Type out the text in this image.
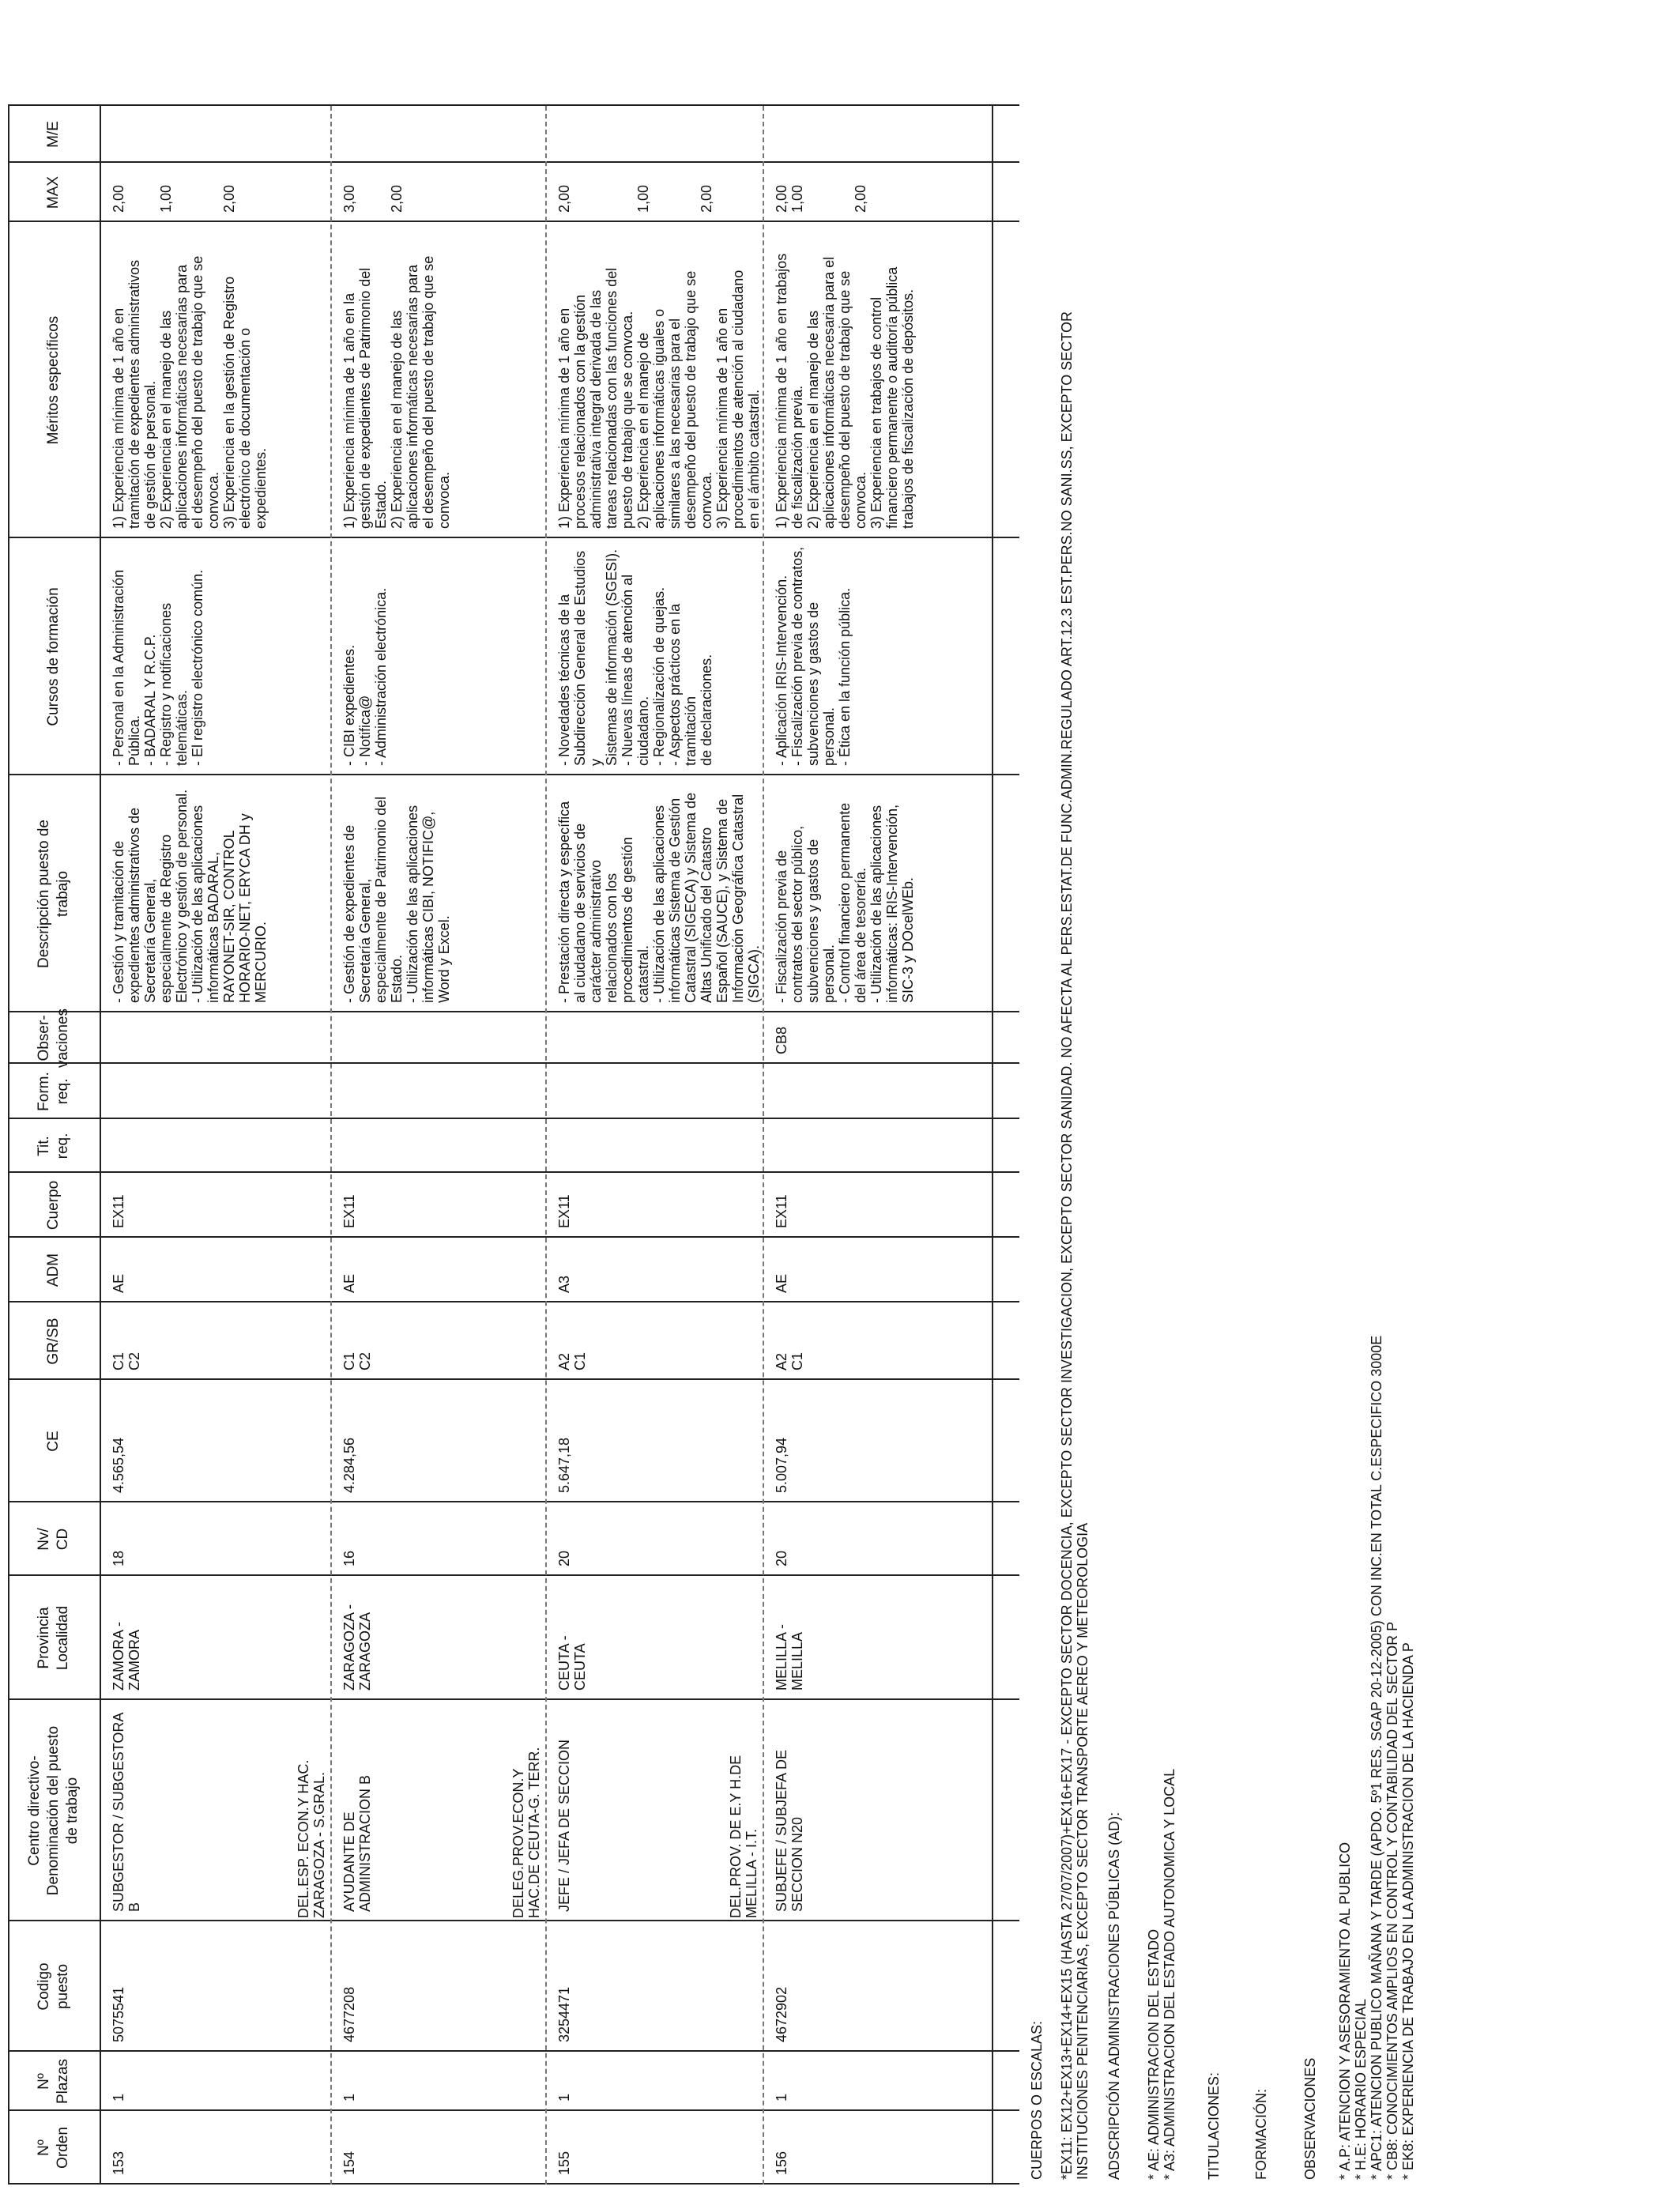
Nº
Orden
Nº
Plazas
Codigo
puesto
Centro directivo-
Denominación del puesto
de trabajo
Provincia
Localidad
Nv/
CD
CE
GR/SB
ADM
Cuerpo
Tit.
req.
Form.
req.
Obser-
vaciones
Descripción puesto de
trabajo
Cursos de formación
Méritos específicos
MAX
M/E
153
1
5075541
SUBGESTOR / SUBGESTORA
B
ZAMORA -
ZAMORA
18
4.565,54
C1
C2
AE
EX11
- Gestión y tramitación de
expedientes administrativos de
Secretaría General,
especialmente de Registro
Electrónico y gestión de personal.
- Utilización de las aplicaciones
informáticas BADARAL,
RAYONET-SIR, CONTROL
HORARIO-NET, ERYCA DH y
MERCURIO.
- Personal en la Administración
Pública.
- BADARAL Y R.C.P.
- Registro y notificaciones telemáticas.
- El registro electrónico común.
1) Experiencia mínima de 1 año en
tramitación de expedientes administrativos
de gestión de personal.
2) Experiencia en el manejo de las
aplicaciones informáticas necesarias para
el desempeño del puesto de trabajo que se
convoca.
3) Experiencia en la gestión de Registro
electrónico de documentación o
expedientes.
2,00

1,00

2,00
154
1
4677208
AYUDANTE DE
ADMINISTRACION B
ZARAGOZA -
ZARAGOZA
16
4.284,56
C1
C2
AE
EX11
- Gestión de expedientes de
Secretaría General,
especialmente de Patrimonio del
Estado.
- Utilización de las aplicaciones
informáticas CIBI, NOTIFIC@,
Word y Excel.
- CIBI expedientes.
- Notifica@
- Administración electrónica.
1) Experiencia mínima de 1 año en la
gestión de expedientes de Patrimonio del
Estado.
2) Experiencia en el manejo de las
aplicaciones informáticas necesarias para
el desempeño del puesto de trabajo que se
convoca.
3,00

2,00
DEL.ESP. ECON.Y HAC.
ZARAGOZA - S.GRAL.
155
1
3254471
JEFE / JEFA DE SECCION
CEUTA -
CEUTA
20
5.647,18
A2
C1
A3
EX11
- Prestación directa y específica
al ciudadano de servicios de
carácter administrativo
relacionados con los
procedimientos de gestión
catastral.
- Utilización de las aplicaciones
informáticas Sistema de Gestión
Catastral (SIGECA) y Sistema de
Altas Unificado del Catastro
Español (SAUCE), y Sistema de
Información Geográfica Catastral
(SIGCA).
- Novedades técnicas de la
Subdirección General de Estudios y
Sistemas de información (SGESI).
- Nuevas líneas de atención al
ciudadano.
- Regionalización de quejas.
- Aspectos prácticos en la tramitación
de declaraciones.
1) Experiencia mínima de 1 año en
procesos relacionados con la gestión
administrativa integral derivada de las
tareas relacionadas con las funciones del
puesto de trabajo que se convoca.
2) Experiencia en el manejo de
aplicaciones informáticas iguales o
similares a las necesarias para el
desempeño del puesto de trabajo que se
convoca.
3) Experiencia mínima de 1 año en
procedimientos de atención al ciudadano
en el ámbito catastral.
2,00

1,00

2,00
DELEG.PROV.ECON.Y
HAC.DE CEUTA-G. TERR.
156
1
4672902
SUBJEFE / SUBJEFA DE
SECCION N20
MELILLA -
MELILLA
20
5.007,94
A2
C1
AE
EX11
CB8
- Fiscalización previa de
contratos del sector público,
subvenciones y gastos de
personal.
- Control financiero permanente
del área de tesorería.
- Utilización de las aplicaciones
informáticas: IRIS-Intervención,
SIC-3 y DOcelWEb.
- Aplicación IRIS-Intervención.
- Fiscalización previa de contratos,
subvenciones y gastos de personal.
- Ética en la función pública.
1) Experiencia mínima de 1 año en trabajos
de fiscalización previa.
2) Experiencia en el manejo de las
aplicaciones informáticas necesaria para el
desempeño del puesto de trabajo que se
convoca.
3) Experiencia en trabajos de control
financiero permanente o auditoría pública
trabajos de fiscalización de depósitos.
2,00
1,00

2,00
DEL.PROV. DE E.Y H.DE
MELILLA - I.T.
CUERPOS O ESCALAS: *EX11: EX12+EX13+EX14+EX15 (HASTA 27/07/2007)+EX16+EX17 - EXCEPTO SECTOR DOCENCIA, EXCEPTO SECTOR INVESTIGACION, EXCEPTO SECTOR SANIDAD. NO AFECTA AL PERS.ESTAT.DE FUNC.ADMIN.REGULADO ART.12.3 EST.PERS.NO SANI.SS, EXCEPTO SECTOR
INSTITUCIONES PENITENCIARIAS, EXCEPTO SECTOR TRANSPORTE AEREO Y METEOROLOGIA
ADSCRIPCIÓN A ADMINISTRACIONES PÚBLICAS (AD): * AE: ADMINISTRACION DEL ESTADO
* A3: ADMINISTRACION DEL ESTADO AUTONOMICA Y LOCAL
TITULACIONES: FORMACIÓN: OBSERVACIONES * A.P: ATENCION Y ASESORAMIENTO AL PUBLICO
* H.E: HORARIO ESPECIAL
* APC1: ATENCION PUBLICO MAÑANA Y TARDE (APDO. 5º1 RES. SGAP 20-12-2005) CON INC.EN TOTAL C.ESPECIFICO 3000E
* CB8: CONOCIMIENTOS AMPLIOS EN CONTROL Y CONTABILIDAD DEL SECTOR P
* EK8: EXPERIENCIA DE TRABAJO EN LA ADMINISTRACION DE LA HACIENDA P
